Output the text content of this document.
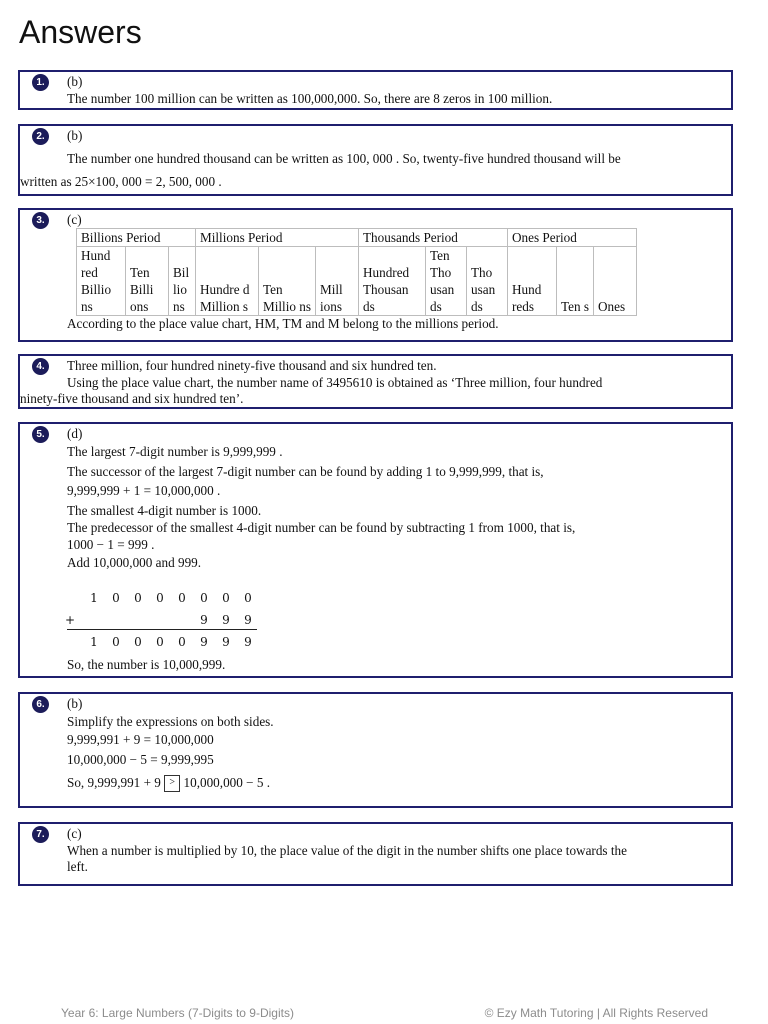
Answers
1.	(b)
The number 100 million can be written as 100,000,000. So, there are 8 zeros in 100 million.
2.	(b)
The number one hundred thousand can be written as 100, 000 . So, twenty-five hundred thousand will be
written as 25×100, 000 = 2, 500, 000 .
3.	(c)
Billions Period			Millions Period			Thousands Period			Ones Period		
Hund red Billio ns	Ten Billi ons	Bil lio ns	Hundre d Million s	Ten Millio ns	Mill ions	Hundred Thousan ds	Ten Tho usan ds	Tho usan ds	Hund reds	Ten s	Ones
According to the place value chart, HM, TM and M belong to the millions period.
4.	Three million, four hundred ninety-five thousand and six hundred ten.
Using the place value chart, the number name of 3495610 is obtained as ‘Three million, four hundred
ninety-five thousand and six hundred ten’.
5.	(d)
The largest 7-digit number is 9,999,999 .
The successor of the largest 7-digit number can be found by adding 1 to 9,999,999, that is,
9,999,999 + 1 = 10,000,000 .
The smallest 4-digit number is 1000.
The predecessor of the smallest 4-digit number can be found by subtracting 1 from 1000, that is,
1000 − 1 = 999 .
Add 10,000,000 and 999.
1 0 0 0 0 0 0 0
+	9 9 9
1 0 0 0 0 9 9 9
So, the number is 10,000,999.
6.	(b)
Simplify the expressions on both sides.
9,999,991 + 9 = 10,000,000
10,000,000 − 5 = 9,999,995
So, 9,999,991 + 9 > 10,000,000 − 5 .
7.	(c)
When a number is multiplied by 10, the place value of the digit in the number shifts one place towards the
left.
Year 6: Large Numbers (7-Digits to 9-Digits)	© Ezy Math Tutoring | All Rights Reserved
